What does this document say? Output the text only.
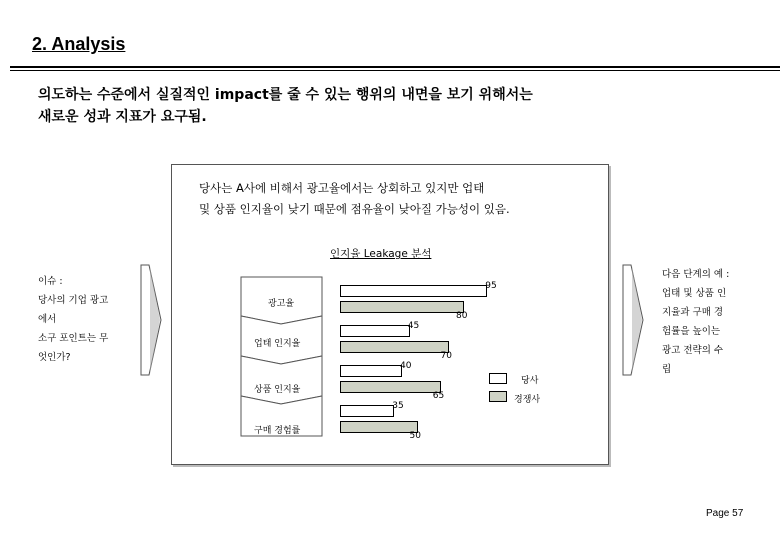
2. Analysis
의도하는 수준에서 실질적인 impact를 줄 수 있는 행위의 내면을 보기 위해서는
새로운 성과 지표가 요구됨.
이슈 :
당사의 기업 광고
에서
소구 포인트는 무
엇인가?
다음 단계의 예 :
업태 및 상품 인
지율과 구매 경
험률을 높이는
광고 전략의 수
립
당사는 A사에 비해서 광고율에서는 상회하고 있지만 업태
및 상품 인지율이 낮기 때문에 점유율이 낮아질 가능성이 있음.
인지율 Leakage 분석
광고율
업태 인지율
상품 인지율
구매 경험률
95
80
45
70
40
65
35
50
당사
경쟁사
Page 57
